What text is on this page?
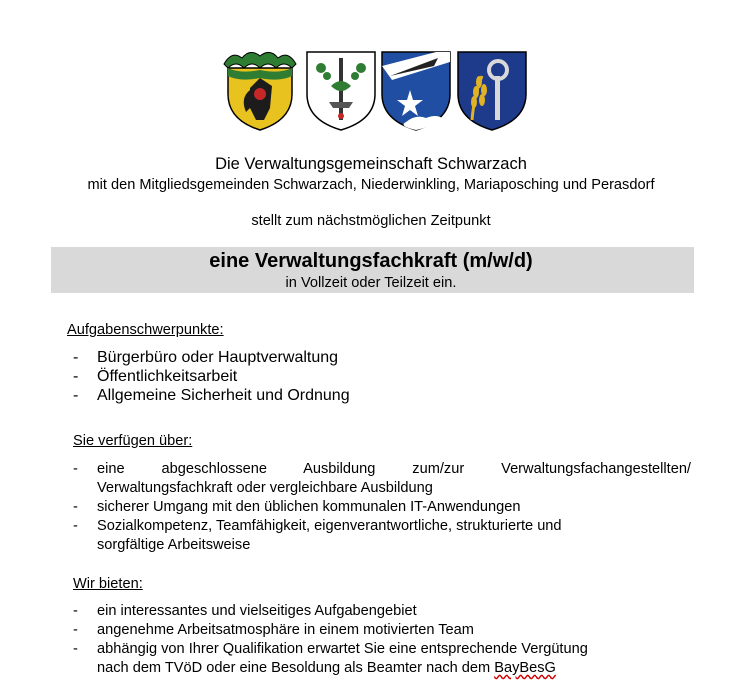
Die Verwaltungsgemeinschaft Schwarzach
mit den Mitgliedsgemeinden Schwarzach, Niederwinkling, Mariaposching und Perasdorf
stellt zum nächstmöglichen Zeitpunkt
eine Verwaltungsfachkraft (m/w/d)
in Vollzeit oder Teilzeit ein.
Aufgabenschwerpunkte:
- Bürgerbüro oder Hauptverwaltung
- Öffentlichkeitsarbeit
- Allgemeine Sicherheit und Ordnung
Sie verfügen über:
- eine abgeschlossene Ausbildung zum/zur Verwaltungsfachangestellten/
Verwaltungsfachkraft oder vergleichbare Ausbildung
- sicherer Umgang mit den üblichen kommunalen IT-Anwendungen
- Sozialkompetenz, Teamfähigkeit, eigenverantwortliche, strukturierte und
sorgfältige Arbeitsweise
Wir bieten:
- ein interessantes und vielseitiges Aufgabengebiet
- angenehme Arbeitsatmosphäre in einem motivierten Team
- abhängig von Ihrer Qualifikation erwartet Sie eine entsprechende Vergütung
nach dem TVöD oder eine Besoldung als Beamter nach dem BayBesG
